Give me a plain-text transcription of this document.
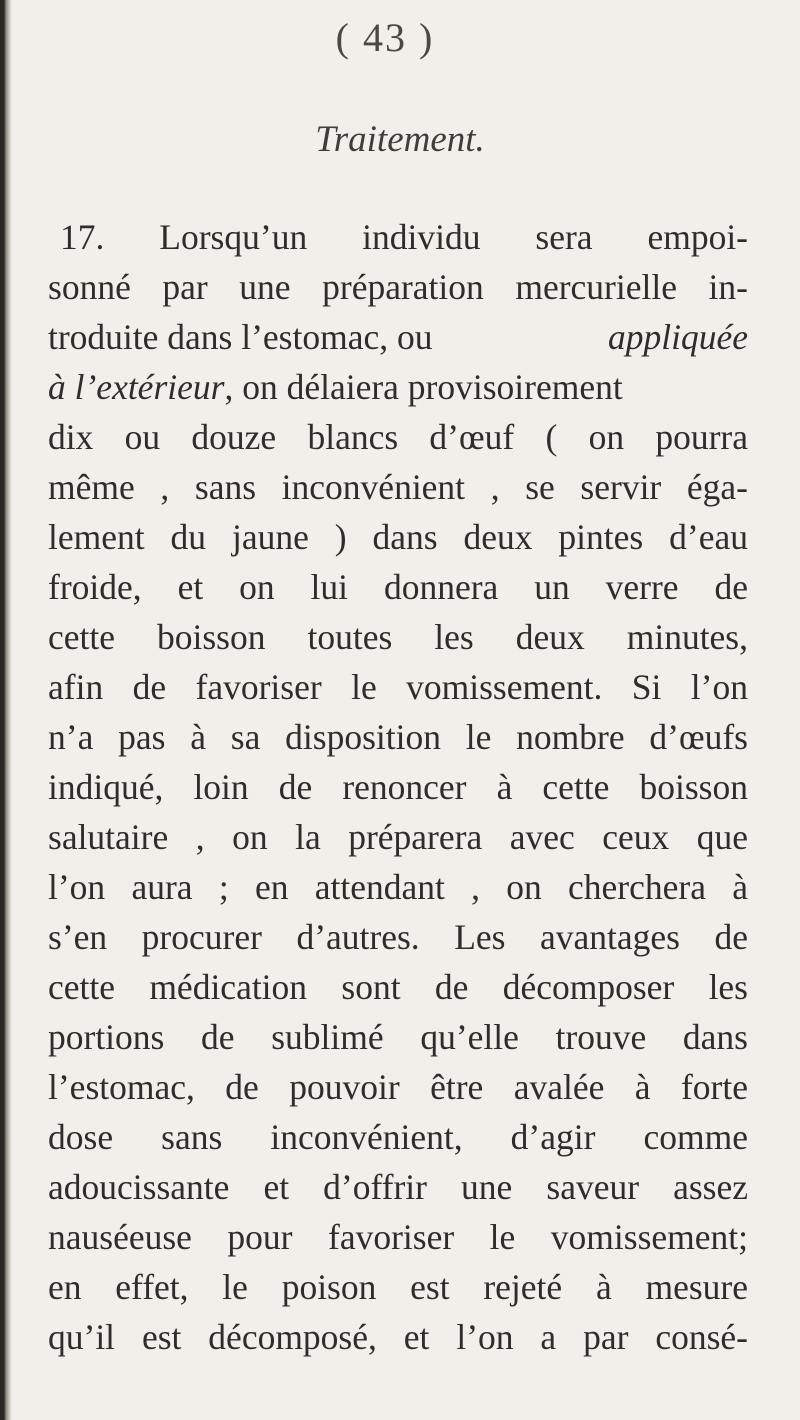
( 43 )
Traitement.
17. Lorsqu’un individu sera empoi-
sonné par une préparation mercurielle in-
troduite dans l’estomac, ou	appliquée
à l’extérieur, on délaiera provisoirement
dix ou douze blancs d’œuf ( on pourra
même , sans inconvénient , se servir éga-
lement du jaune ) dans deux pintes d’eau
froide, et on lui donnera un verre de
cette boisson toutes les deux minutes,
afin de favoriser le vomissement. Si l’on
n’a pas à sa disposition le nombre d’œufs
indiqué, loin de renoncer à cette boisson
salutaire , on la préparera avec ceux que
l’on aura ; en attendant , on cherchera à
s’en procurer d’autres. Les avantages de
cette médication sont de décomposer les
portions de sublimé qu’elle trouve dans
l’estomac, de pouvoir être avalée à forte
dose sans inconvénient, d’agir comme
adoucissante et d’offrir une saveur assez
nauséeuse pour favoriser le vomissement;
en effet, le poison est rejeté à mesure
qu’il est décomposé, et l’on a par consé-
